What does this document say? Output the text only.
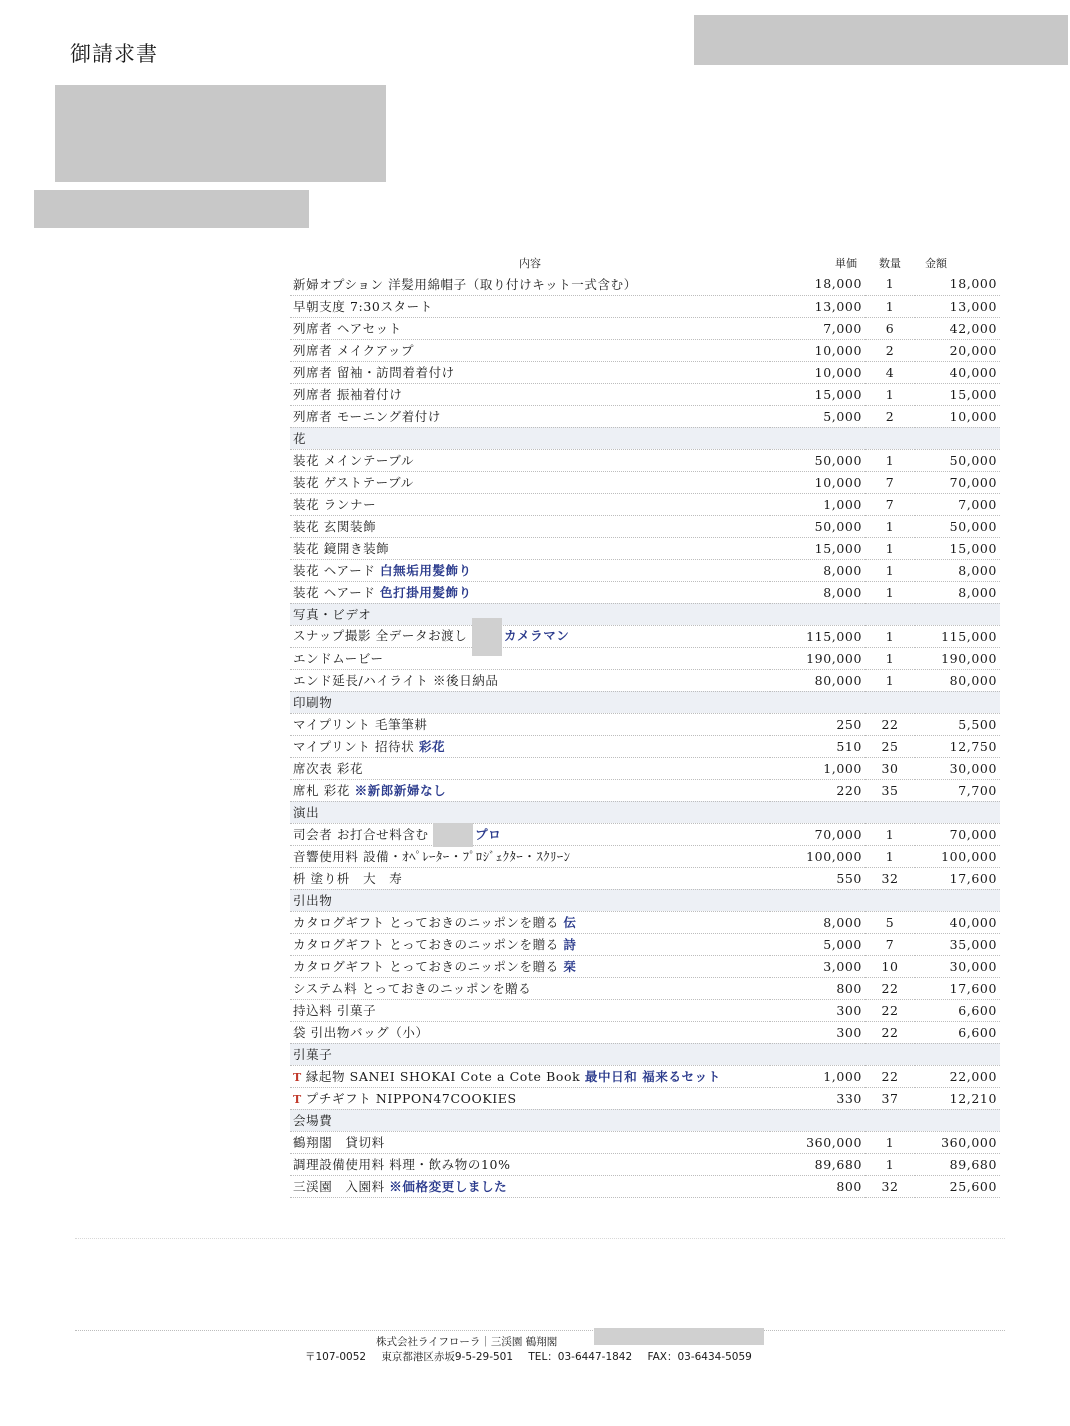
御請求書
内容	単価	数量	金額
新婦オプション 洋髪用綿帽子（取り付けキット一式含む）	18,000	1	18,000
早朝支度 7:30スタート	13,000	1	13,000
列席者 ヘアセット	7,000	6	42,000
列席者 メイクアップ	10,000	2	20,000
列席者 留袖・訪問着着付け	10,000	4	40,000
列席者 振袖着付け	15,000	1	15,000
列席者 モーニング着付け	5,000	2	10,000
花			
装花 メインテーブル	50,000	1	50,000
装花 ゲストテーブル	10,000	7	70,000
装花 ランナー	1,000	7	7,000
装花 玄関装飾	50,000	1	50,000
装花 鏡開き装飾	15,000	1	15,000
装花 ヘアード 白無垢用髪飾り	8,000	1	8,000
装花 ヘアード 色打掛用髪飾り	8,000	1	8,000
写真・ビデオ			
スナップ撮影 全データお渡し カメラマン	115,000	1	115,000
エンドムービー	190,000	1	190,000
エンド延長/ハイライト ※後日納品	80,000	1	80,000
印刷物			
マイプリント 毛筆筆耕	250	22	5,500
マイプリント 招待状 彩花	510	25	12,750
席次表 彩花	1,000	30	30,000
席札 彩花 ※新郎新婦なし	220	35	7,700
演出			
司会者 お打合せ料含む プロ	70,000	1	70,000
音響使用料 設備・ｵﾍﾟﾚｰﾀｰ・ﾌﾟﾛｼﾞｪｸﾀｰ・ｽｸﾘｰﾝ	100,000	1	100,000
枡 塗り枡　大　寿	550	32	17,600
引出物			
カタログギフト とっておきのニッポンを贈る 伝	8,000	5	40,000
カタログギフト とっておきのニッポンを贈る 詩	5,000	7	35,000
カタログギフト とっておきのニッポンを贈る 栞	3,000	10	30,000
システム料 とっておきのニッポンを贈る	800	22	17,600
持込料 引菓子	300	22	6,600
袋 引出物バッグ（小）	300	22	6,600
引菓子			
T 縁起物 SANEI SHOKAI Cote a Cote Book 最中日和 福来るセット	1,000	22	22,000
T プチギフト NIPPON47COOKIES	330	37	12,210
会場費			
鶴翔閣　貸切料	360,000	1	360,000
調理設備使用料 料理・飲み物の10%	89,680	1	89,680
三渓園　入園料 ※価格変更しました	800	32	25,600
株式会社ライフローラ｜三渓園 鶴翔閣
〒107-0052 東京都港区赤坂9-5-29-501 TEL：03-6447-1842 FAX：03-6434-5059
